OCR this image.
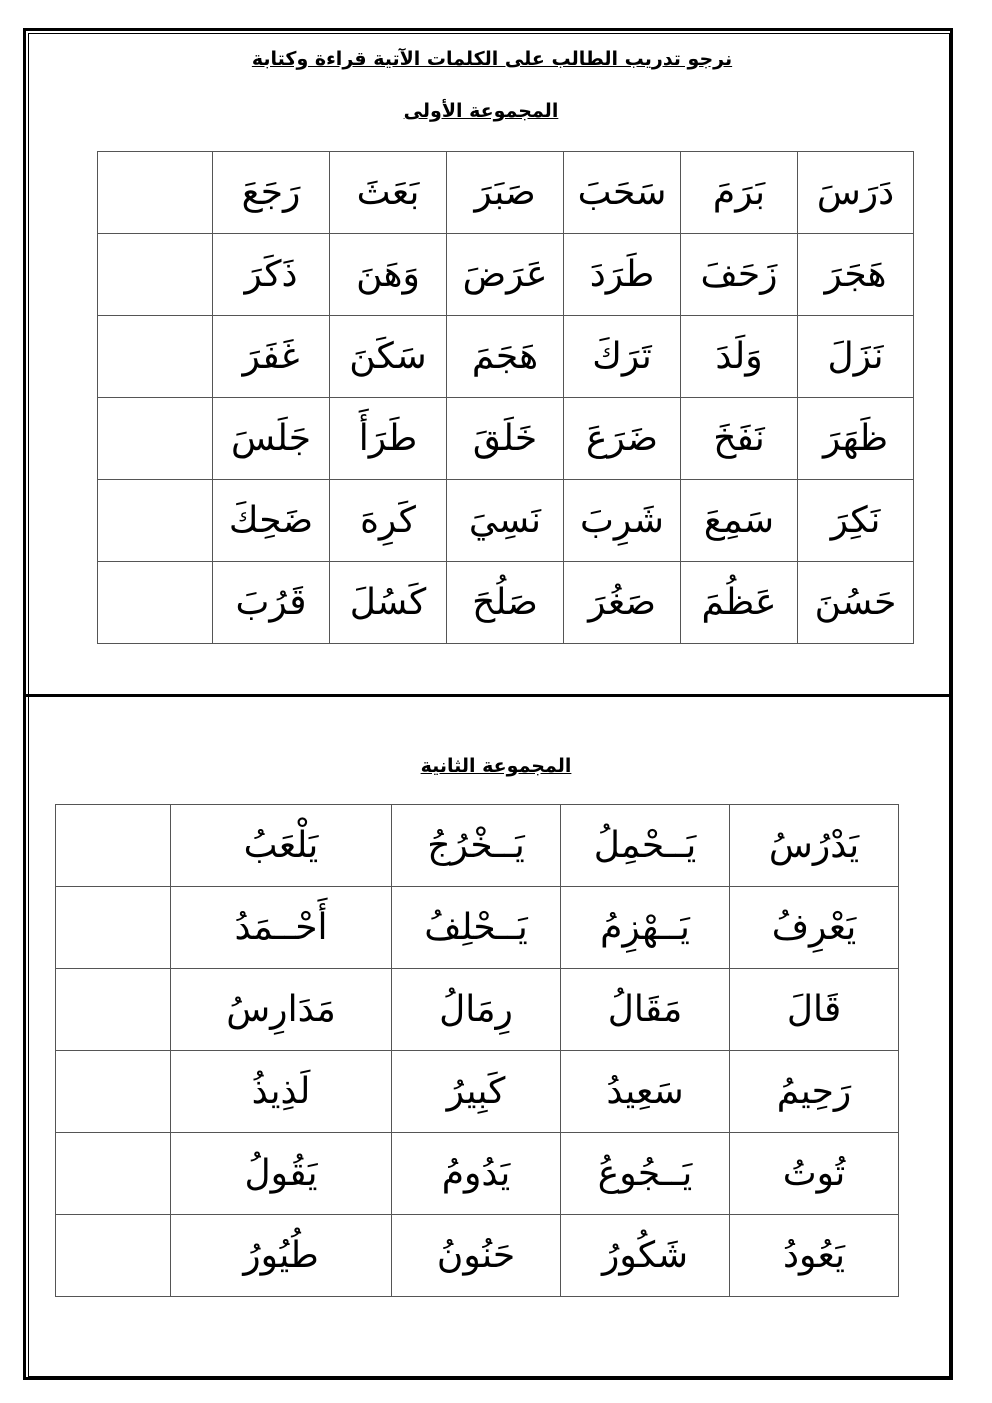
نرجو تدريب الطالب على الكلمات الآتية قراءة وكتابة
المجموعة الأولى
المجموعة الثانية
دَرَسَ	بَرَمَ	سَحَبَ	صَبَرَ	بَعَثَ	رَجَعَ	
هَجَرَ	زَحَفَ	طَرَدَ	عَرَضَ	وَهَنَ	ذَكَرَ	
نَزَلَ	وَلَدَ	تَرَكَ	هَجَمَ	سَكَنَ	غَفَرَ	
ظَهَرَ	نَفَخَ	ضَرَعَ	خَلَقَ	طَرَأَ	جَلَسَ	
نَكِرَ	سَمِعَ	شَرِبَ	نَسِيَ	كَرِهَ	ضَحِكَ	
حَسُنَ	عَظُمَ	صَغُرَ	صَلُحَ	كَسُلَ	قَرُبَ	
يَدْرُسُ	يَــحْمِلُ	يَــخْرُجُ	يَلْعَبُ	
يَعْرِفُ	يَــهْزِمُ	يَــحْلِفُ	أَحْــمَدُ	
قَالَ	مَقَالُ	رِمَالُ	مَدَارِسُ	
رَحِيمُ	سَعِيدُ	كَبِيرُ	لَذِيذُ	
تُوتُ	يَــجُوعُ	يَدُومُ	يَقُولُ	
يَعُودُ	شَكُورُ	حَنُونُ	طُيُورُ	
